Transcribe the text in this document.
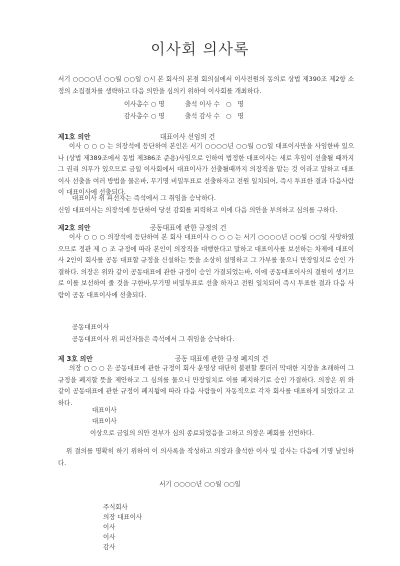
이사회 의사록
서기 ○○○○년 ○○월 ○○일 ○시 본 회사의 본점 회의실에서 이사전원의 동의로 상법 제390조 제2항 소정의 소집절차를 생략하고 다음 의안을 심의키 위하여 이사회를 개최하다.
이사총수 ○ 명          출석 이사 수   ○   명
감사총수 ○ 명          출석 감사 수   ○   명
제1호 의안	대표이사 선임의 건
이사 ○ ○ ○ 는 의장석에 등단하여 본인은 서기 ○○○○년 ○○월 ○○일 대표이사만을 사임한바 있으나 (상법 제389조에서 동법 제386조 준용)사임으로 인하여 법정한 대표이사는 새로 후임이 선출될 때까지 그 권리 의무가 있으므로 금일 이사회에서 대표이사가 선출될때까지 의장직을 맡는 것 이라고 말하고 대표이사 선출을 여러 방법을 물은바, 무기명 비밀투표로 선출하자고 전원 일치되어, 즉시 투표한 결과 다음사람이 대표이사에 선출되다.
대표이사 위 피선자는 즉석에서 그 취임을 승낙하다.
신임 대표이사는 의장석에 등단하여 당선 감회를 피력하고 이에 다음 의안을 부의하고 심의를 구하다.
제2호 의안	공동대표에 관한 규정의 건
이사 ○ ○ ○ 의장석에 등단하여 본 회사 대표이사 ○ ○ ○ 는 서기 ○○○○년 ○○월 ○○일 사망하였으므로 정관 제 ○ 조 규정에 따라 본인이 의장직을 대행한다고 말하고 대표이사를 보선하는 차제에 대표이사 2인이 회사를 공동 대표할 규정을 신설하는 뜻을 소상히 설명하고 그 가부를 물으니 만장일치로 승인 가결하다. 의장은 위와 같이 공동대표에 관한 규정이 승인 가결되었는바, 이에 공동대표이사의 결원이 생기므로 이를 보선하여 줄 것을 구한바,무기명 비밀투표로 선출 하자고 전원 일치되어 즉시 투표한 결과 다음 사람이 공동 대표이사에 선출되다.
공동대표이사
공동대표이사 위 피선자들은 즉석에서 그 취임을 승낙하다.
제 3호 의안	공동 대표에 관한 규정 폐지의 건
의장 ○ ○ ○ 은 공동대표에 관한 규정이 회사 운영상 대단히 불편할 뿐더러 막대한 지장을 초래하여 그 규정을 폐지할 뜻을 제안하고 그 심의를 물으니 만장일치로 이를 폐지하기로 승인 가결하다. 의장은 위 와 같이 공동대표에 관한 규정이 폐지됨에 따라 다음 사람들이 자동적으로 각자 회사를 대표하게 되었다고 고하다.
대표이사
대표이사
이상으로 금일의 의안 전부가 심의 종료되었음을 고하고 의장은 폐회를 선언하다.
위 결의를 명확히 하기 위하여 이 의사록을 작성하고 의장과 출석한 이사 및 감사는 다음에 기명 날인하다.
서기 ○○○○년 ○○월 ○○일
주식회사
의장 대표이사
이사
이사
감사
